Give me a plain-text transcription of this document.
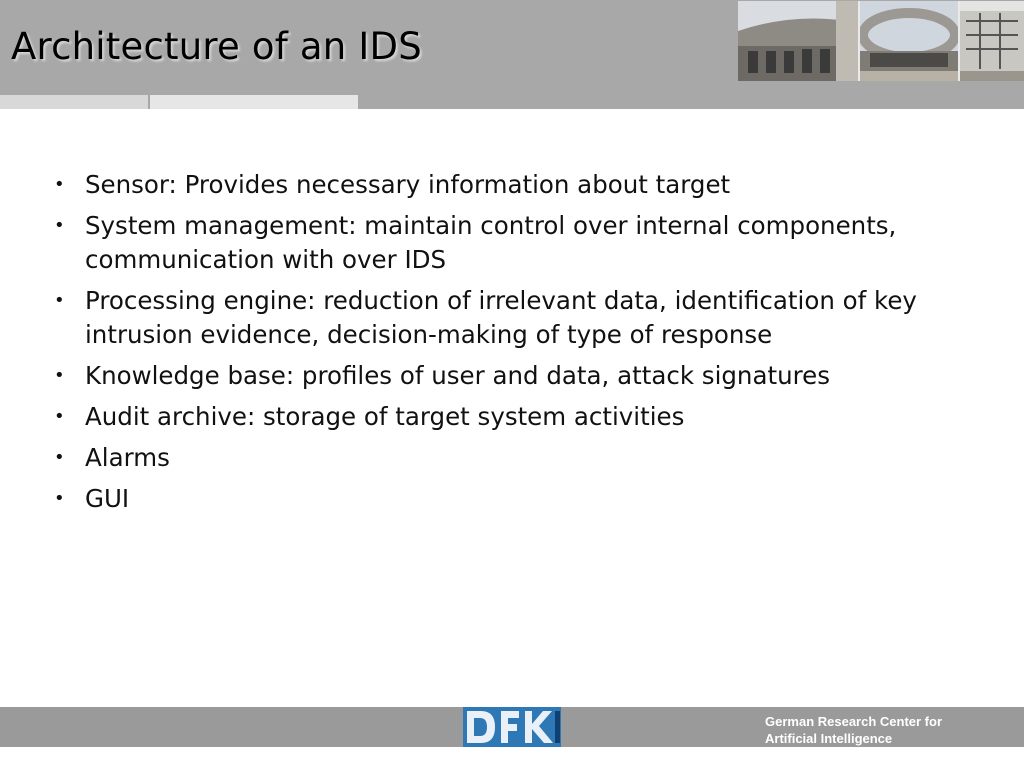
Architecture of an IDS
• Sensor: Provides necessary information about target
• System management: maintain control over internal components, communication with over IDS
• Processing engine: reduction of irrelevant data, identification of key intrusion evidence, decision-making of type of response
• Knowledge base: profiles of user and data, attack signatures
• Audit archive: storage of target system activities
• Alarms
• GUI
German Research Center for
Artificial Intelligence
